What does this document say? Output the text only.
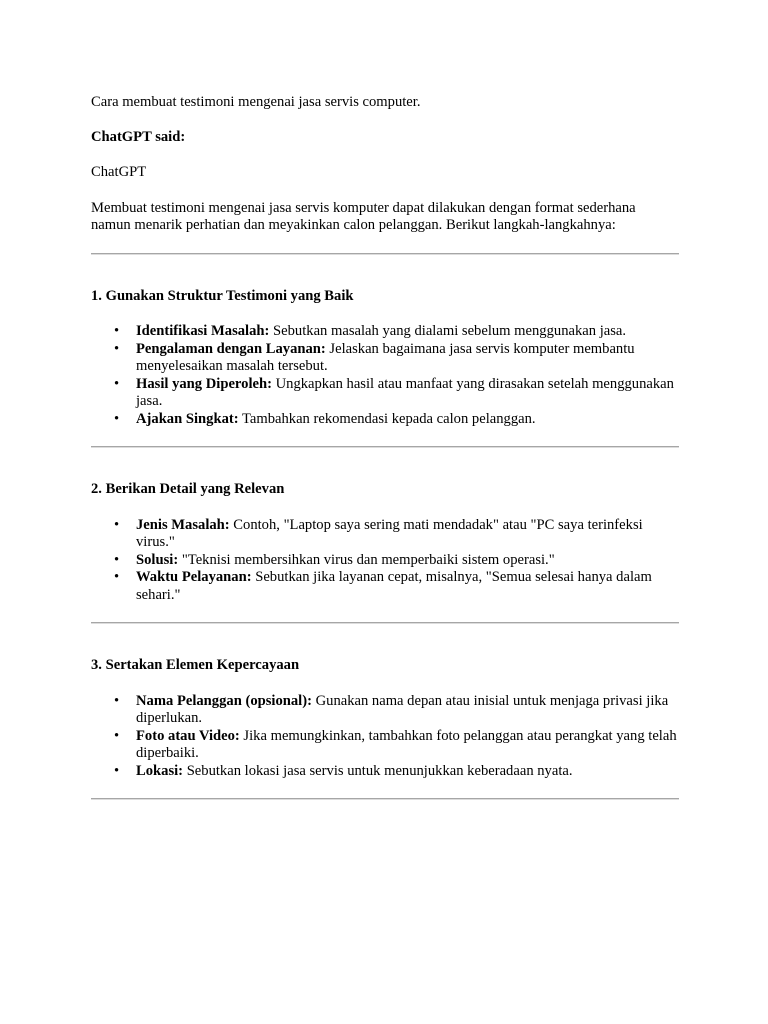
Cara membuat testimoni mengenai jasa servis computer.

ChatGPT said:

ChatGPT

Membuat testimoni mengenai jasa servis komputer dapat dilakukan dengan format sederhana namun menarik perhatian dan meyakinkan calon pelanggan. Berikut langkah-langkahnya:

1. Gunakan Struktur Testimoni yang Baik

• Identifikasi Masalah: Sebutkan masalah yang dialami sebelum menggunakan jasa.
• Pengalaman dengan Layanan: Jelaskan bagaimana jasa servis komputer membantu menyelesaikan masalah tersebut.
• Hasil yang Diperoleh: Ungkapkan hasil atau manfaat yang dirasakan setelah menggunakan jasa.
• Ajakan Singkat: Tambahkan rekomendasi kepada calon pelanggan.

2. Berikan Detail yang Relevan

• Jenis Masalah: Contoh, "Laptop saya sering mati mendadak" atau "PC saya terinfeksi virus."
• Solusi: "Teknisi membersihkan virus dan memperbaiki sistem operasi."
• Waktu Pelayanan: Sebutkan jika layanan cepat, misalnya, "Semua selesai hanya dalam sehari."

3. Sertakan Elemen Kepercayaan

• Nama Pelanggan (opsional): Gunakan nama depan atau inisial untuk menjaga privasi jika diperlukan.
• Foto atau Video: Jika memungkinkan, tambahkan foto pelanggan atau perangkat yang telah diperbaiki.
• Lokasi: Sebutkan lokasi jasa servis untuk menunjukkan keberadaan nyata.
